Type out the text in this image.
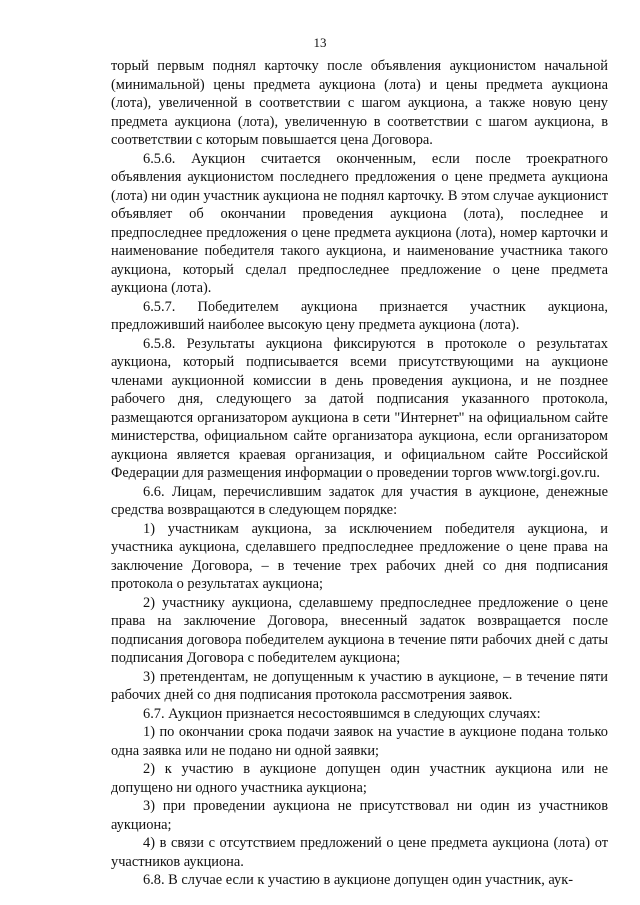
13

торый первым поднял карточку после объявления аукционистом начальной (минимальной) цены предмета аукциона (лота) и цены предмета аукциона (лота), увеличенной в соответствии с шагом аукциона, а также новую цену предмета аукциона (лота), увеличенную в соответствии с шагом аукциона, в соответствии с которым повышается цена Договора.

6.5.6. Аукцион считается оконченным, если после троекратного объявления аукционистом последнего предложения о цене предмета аукциона (лота) ни один участник аукциона не поднял карточку. В этом случае аукционист объявляет об окончании проведения аукциона (лота), последнее и предпоследнее предложения о цене предмета аукциона (лота), номер карточки и наименование победителя такого аукциона, и наименование участника такого аукциона, который сделал предпоследнее предложение о цене предмета аукциона (лота).

6.5.7. Победителем аукциона признается участник аукциона, предложивший наиболее высокую цену предмета аукциона (лота).

6.5.8. Результаты аукциона фиксируются в протоколе о результатах аукциона, который подписывается всеми присутствующими на аукционе членами аукционной комиссии в день проведения аукциона, и не позднее рабочего дня, следующего за датой подписания указанного протокола, размещаются организатором аукциона в сети "Интернет" на официальном сайте министерства, официальном сайте организатора аукциона, если организатором аукциона является краевая организация, и официальном сайте Российской Федерации для размещения информации о проведении торгов www.torgi.gov.ru.

6.6. Лицам, перечислившим задаток для участия в аукционе, денежные средства возвращаются в следующем порядке:

1) участникам аукциона, за исключением победителя аукциона, и участника аукциона, сделавшего предпоследнее предложение о цене права на заключение Договора, – в течение трех рабочих дней со дня подписания протокола о результатах аукциона;

2) участнику аукциона, сделавшему предпоследнее предложение о цене права на заключение Договора, внесенный задаток возвращается после подписания договора победителем аукциона в течение пяти рабочих дней с даты подписания Договора с победителем аукциона;

3) претендентам, не допущенным к участию в аукционе, – в течение пяти рабочих дней со дня подписания протокола рассмотрения заявок.

6.7. Аукцион признается несостоявшимся в следующих случаях:

1) по окончании срока подачи заявок на участие в аукционе подана только одна заявка или не подано ни одной заявки;

2) к участию в аукционе допущен один участник аукциона или не допущено ни одного участника аукциона;

3) при проведении аукциона не присутствовал ни один из участников аукциона;

4) в связи с отсутствием предложений о цене предмета аукциона (лота) от участников аукциона.

6.8. В случае если к участию в аукционе допущен один участник, аук-
